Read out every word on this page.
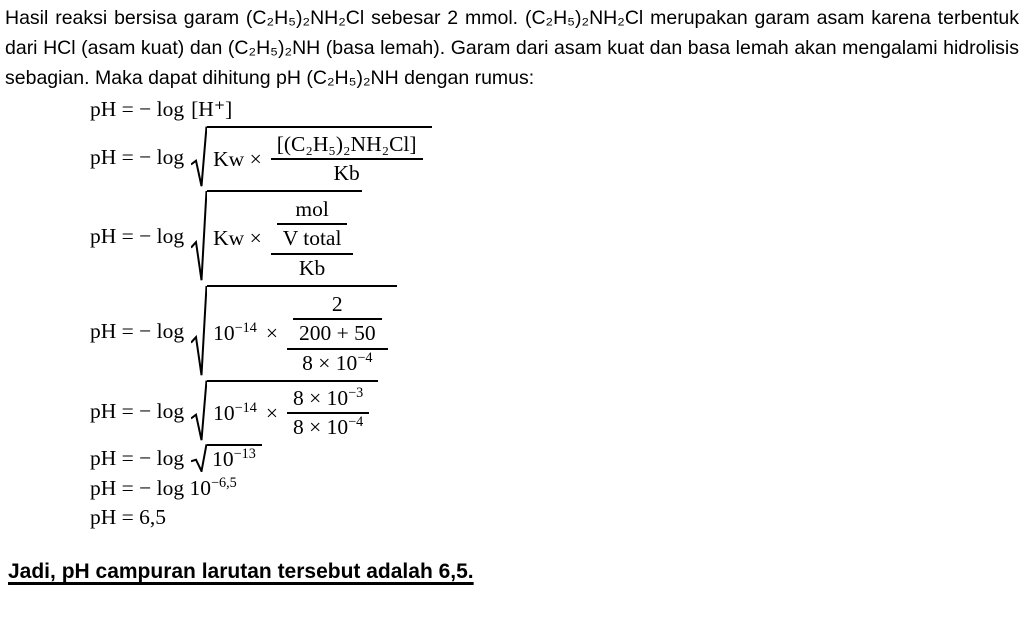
Hasil reaksi bersisa garam (C₂H₅)₂NH₂Cl sebesar 2 mmol. (C₂H₅)₂NH₂Cl merupakan garam asam karena terbentuk dari HCl (asam kuat) dan (C₂H₅)₂NH (basa lemah). Garam dari asam kuat dan basa lemah akan mengalami hidrolisis sebagian. Maka dapat dihitung pH (C₂H₅)₂NH dengan rumus:

pH = − log [H⁺]
pH = − $\log Kw \times \frac{\text{[(C₂H₅)₂NH₂Cl]}}{Kb}$
pH = − $\log Kw \times \frac{\frac{\text{mol}}{\text{V total}}}{Kb}$
pH = − $\log 10^{-14} \times \frac{\frac{2}{200 + 50}}{8 \times 10^{-4}}$
pH = − $\log 10^{-14} \times \frac{8 \times 10^{-3}}{8 \times 10^{-4}}$
pH = − $\log 10^{-13}$
pH = − $\log 10^{-6,5}$
pH = 6,5

Jadi, pH campuran larutan tersebut adalah 6,5.
